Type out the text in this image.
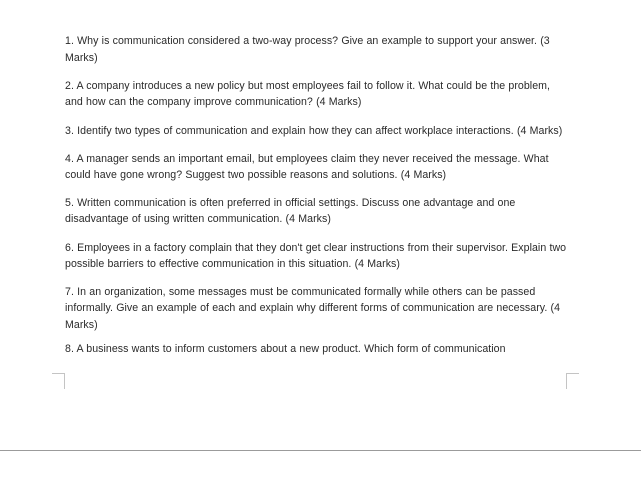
1. Why is communication considered a two-way process? Give an example to support your answer. (3 Marks)

2. A company introduces a new policy but most employees fail to follow it. What could be the problem, and how can the company improve communication? (4 Marks)

3. Identify two types of communication and explain how they can affect workplace interactions. (4 Marks)

4. A manager sends an important email, but employees claim they never received the message. What could have gone wrong? Suggest two possible reasons and solutions. (4 Marks)

5. Written communication is often preferred in official settings. Discuss one advantage and one disadvantage of using written communication. (4 Marks)

6. Employees in a factory complain that they don't get clear instructions from their supervisor. Explain two possible barriers to effective communication in this situation. (4 Marks)

7. In an organization, some messages must be communicated formally while others can be passed informally. Give an example of each and explain why different forms of communication are necessary. (4 Marks)

8. A business wants to inform customers about a new product. Which form of communication
